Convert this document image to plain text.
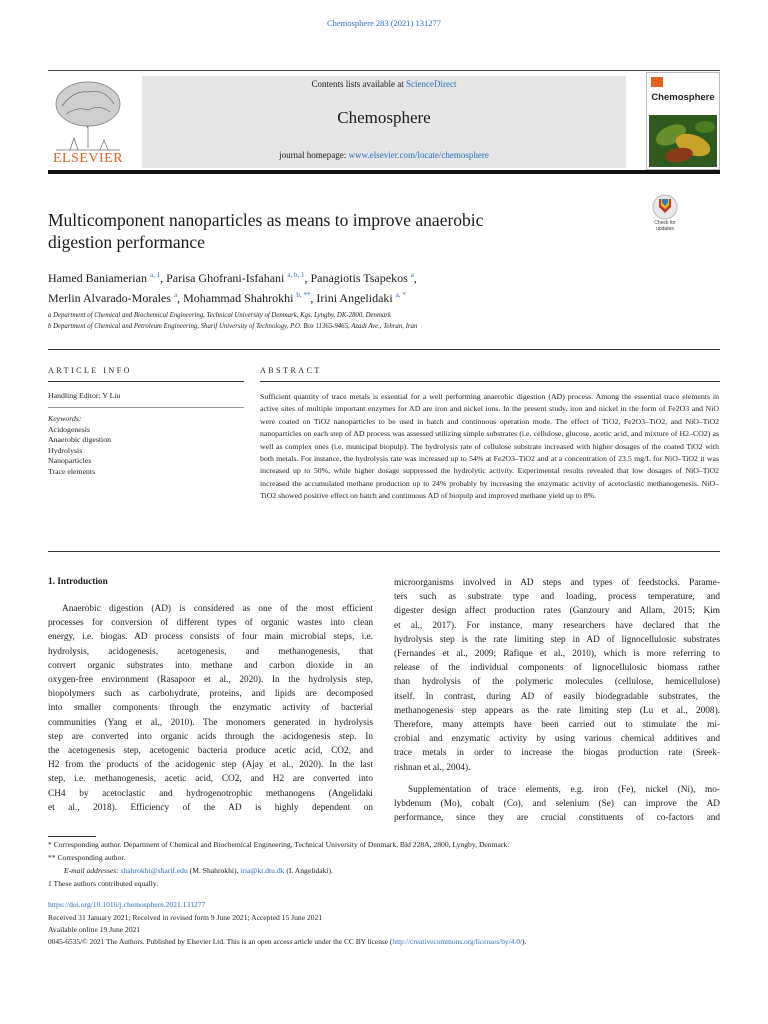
Chemosphere 283 (2021) 131277
ELSEVIER
Contents lists available at ScienceDirect
Chemosphere
journal homepage: www.elsevier.com/locate/chemosphere
Chemosphere
Check for
updates
Multicomponent nanoparticles as means to improve anaerobic
digestion performance
Hamed Baniamerian $^{a, 1}$, Parisa Ghofrani-Isfahani $^{a, b, 1}$, Panagiotis Tsapekos $^a$,
Merlin Alvarado-Morales $^a$, Mohammad Shahrokhi $^{b, **}$, Irini Angelidaki $^{a, *}$
a Department of Chemical and Biochemical Engineering, Technical University of Denmark, Kgs. Lyngby, DK-2800, Denmark
b Department of Chemical and Petroleum Engineering, Sharif University of Technology, P.O. Box 11365-9465, Azadi Ave., Tehran, Iran
ARTICLE INFO	ABSTRACT
Handling Editor: Y Liu
Keywords:
Acidogenesis
Anaerobic digestion
Hydrolysis
Nanoparticles
Trace elements
Sufficient quantity of trace metals is essential for a well performing anaerobic digestion (AD) process. Among the essential trace elements in active sites of multiple important enzymes for AD are iron and nickel ions. In the present study, iron and nickel in the form of Fe2O3 and NiO were coated on TiO2 nanoparticles to be used in batch and continuous operation mode. The effect of TiO2, Fe2O3–TiO2, and NiO–TiO2 nanoparticles on each step of AD process was assessed utilizing simple substrates (i.e. cellulose, glucose, acetic acid, and mixture of H2–CO2) as well as complex ones (i.e. municipal biopulp). The hydrolysis rate of cellulose substrate increased with higher dosages of the coated TiO2 with both metals. For instance, the hydrolysis rate was increased up to 54% at Fe2O3–TiO2 and at a concentration of 23.5 mg/L for NiO–TiO2 it was increased up to 50%, while higher dosage suppressed the hydrolytic activity. Experimental results revealed that low dosages of NiO–TiO2 increased the accumulated methane production up to 24% probably by increasing the enzymatic activity of acetoclastic methanogenesis. NiO–TiO2 showed positive effect on batch and continuous AD of biopulp and improved methane yield up to 8%.
1. Introduction
Anaerobic digestion (AD) is considered as one of the most efficient
processes for conversion of different types of organic wastes into clean
energy, i.e. biogas. AD process consists of four main microbial steps, i.e.
hydrolysis, acidogenesis, acetogenesis, and methanogenesis, that
convert organic substrates into methane and carbon dioxide in an
oxygen-free environment (Rasapoor et al., 2020). In the hydrolysis step,
biopolymers such as carbohydrate, proteins, and lipids are decomposed
into smaller components through the enzymatic activity of bacterial
communities (Yang et al., 2010). The monomers generated in hydrolysis
step are converted into organic acids through the acidogenesis step. In
the acetogenesis step, acetogenic bacteria produce acetic acid, CO2, and
H2 from the products of the acidogenic step (Ajay et al., 2020). In the last
step, i.e. methanogenesis, acetic acid, CO2, and H2 are converted into
CH4 by acetoclastic and hydrogenotrophic methanogens (Angelidaki
et al., 2018). Efficiency of the AD is highly dependent on
microorganisms involved in AD steps and types of feedstocks. Parame-
ters such as substrate type and loading, process temperature, and
digester design affect production rates (Ganzoury and Allam, 2015; Kim
et al., 2017). For instance, many researchers have declared that the
hydrolysis step is the rate limiting step in AD of lignocellulosic substrates
(Fernandes et al., 2009; Rafique et al., 2010), which is more referring to
release of the individual components of lignocellulosic biomass rather
than hydrolysis of the polymeric molecules (cellulose, hemicellulose)
itself. In contrast, during AD of easily biodegradable substrates, the
methanogenesis step appears as the rate limiting step (Lu et al., 2008).
Therefore, many attempts have been carried out to stimulate the mi-
crobial and enzymatic activity by using various chemical additives and
trace metals in order to increase the biogas production rate (Sreek-
rishnan et al., 2004).
Supplementation of trace elements, e.g. iron (Fe), nickel (Ni), mo-
lybdenum (Mo), cobalt (Co), and selenium (Se) can improve the AD
performance, since they are crucial constituents of co-factors and
* Corresponding author. Department of Chemical and Biochemical Engineering, Technical University of Denmark, Bld 228A, 2800, Lyngby, Denmark.
** Corresponding author.
E-mail addresses: shahrokhi@sharif.edu (M. Shahrokhi), iria@kt.dtu.dk (I. Angelidaki).
1 These authors contributed equally.
https://doi.org/10.1016/j.chemosphere.2021.131277
Received 31 January 2021; Received in revised form 9 June 2021; Accepted 15 June 2021
Available online 19 June 2021
0045-6535/© 2021 The Authors. Published by Elsevier Ltd. This is an open access article under the CC BY license (http://creativecommons.org/licenses/by/4.0/).
